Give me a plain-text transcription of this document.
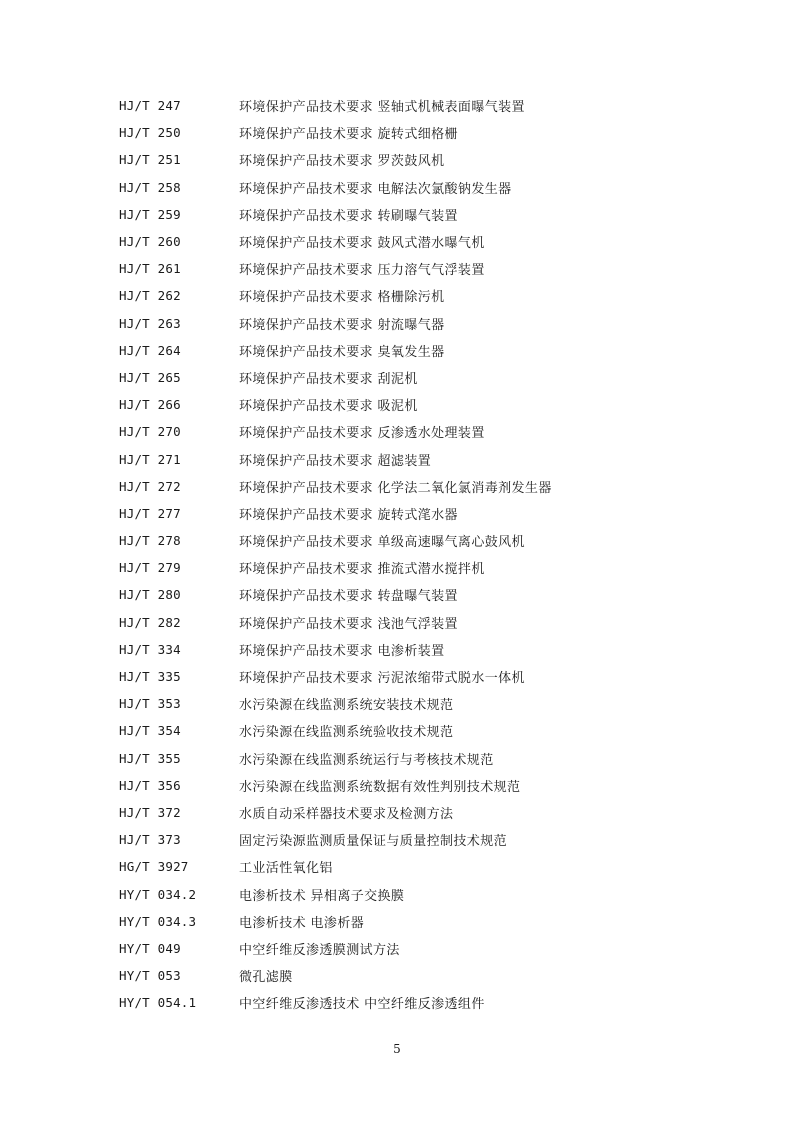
HJ/T 247	环境保护产品技术要求 竖轴式机械表面曝气装置
HJ/T 250	环境保护产品技术要求 旋转式细格栅
HJ/T 251	环境保护产品技术要求 罗茨鼓风机
HJ/T 258	环境保护产品技术要求 电解法次氯酸钠发生器
HJ/T 259	环境保护产品技术要求 转刷曝气装置
HJ/T 260	环境保护产品技术要求 鼓风式潜水曝气机
HJ/T 261	环境保护产品技术要求 压力溶气气浮装置
HJ/T 262	环境保护产品技术要求 格栅除污机
HJ/T 263	环境保护产品技术要求 射流曝气器
HJ/T 264	环境保护产品技术要求 臭氧发生器
HJ/T 265	环境保护产品技术要求 刮泥机
HJ/T 266	环境保护产品技术要求 吸泥机
HJ/T 270	环境保护产品技术要求 反渗透水处理装置
HJ/T 271	环境保护产品技术要求 超滤装置
HJ/T 272	环境保护产品技术要求 化学法二氧化氯消毒剂发生器
HJ/T 277	环境保护产品技术要求 旋转式滗水器
HJ/T 278	环境保护产品技术要求 单级高速曝气离心鼓风机
HJ/T 279	环境保护产品技术要求 推流式潜水搅拌机
HJ/T 280	环境保护产品技术要求 转盘曝气装置
HJ/T 282	环境保护产品技术要求 浅池气浮装置
HJ/T 334	环境保护产品技术要求 电渗析装置
HJ/T 335	环境保护产品技术要求 污泥浓缩带式脱水一体机
HJ/T 353	水污染源在线监测系统安装技术规范
HJ/T 354	水污染源在线监测系统验收技术规范
HJ/T 355	水污染源在线监测系统运行与考核技术规范
HJ/T 356	水污染源在线监测系统数据有效性判别技术规范
HJ/T 372	水质自动采样器技术要求及检测方法
HJ/T 373	固定污染源监测质量保证与质量控制技术规范
HG/T 3927	工业活性氧化铝
HY/T 034.2	电渗析技术 异相离子交换膜
HY/T 034.3	电渗析技术 电渗析器
HY/T 049	中空纤维反渗透膜测试方法
HY/T 053	微孔滤膜
HY/T 054.1	中空纤维反渗透技术 中空纤维反渗透组件
5
